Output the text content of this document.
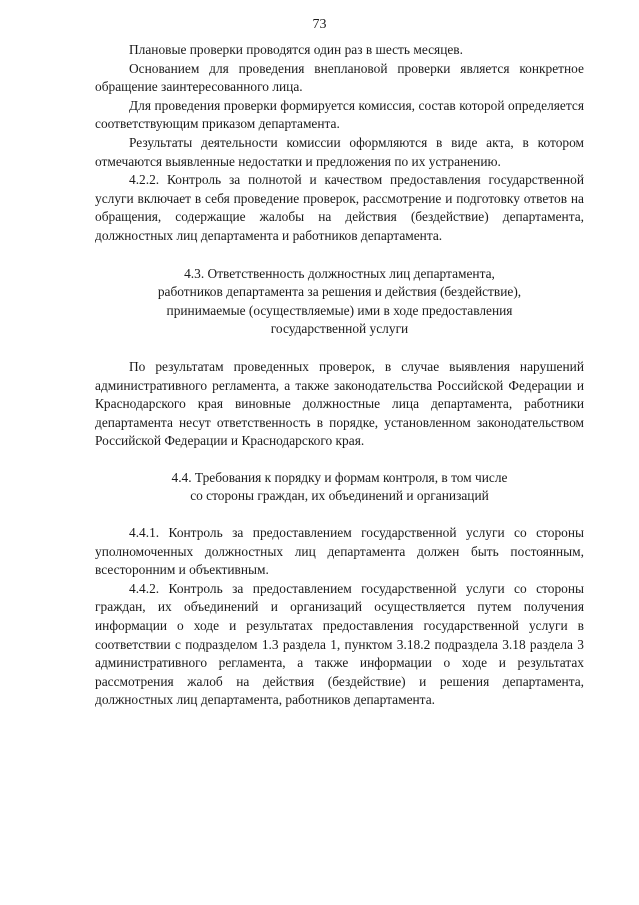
73

Плановые проверки проводятся один раз в шесть месяцев.

Основанием для проведения внеплановой проверки является конкретное обращение заинтересованного лица.

Для проведения проверки формируется комиссия, состав которой определяется соответствующим приказом департамента.

Результаты деятельности комиссии оформляются в виде акта, в котором отмечаются выявленные недостатки и предложения по их устранению.

4.2.2. Контроль за полнотой и качеством предоставления государственной услуги включает в себя проведение проверок, рассмотрение и подготовку ответов на обращения, содержащие жалобы на действия (бездействие) департамента, должностных лиц департамента и работников департамента.

4.3. Ответственность должностных лиц департамента,
работников департамента за решения и действия (бездействие),
принимаемые (осуществляемые) ими в ходе предоставления
государственной услуги

По результатам проведенных проверок, в случае выявления нарушений административного регламента, а также законодательства Российской Федерации и Краснодарского края виновные должностные лица департамента, работники департамента несут ответственность в порядке, установленном законодательством Российской Федерации и Краснодарского края.

4.4. Требования к порядку и формам контроля, в том числе
со стороны граждан, их объединений и организаций

4.4.1. Контроль за предоставлением государственной услуги со стороны уполномоченных должностных лиц департамента должен быть постоянным, всесторонним и объективным.

4.4.2. Контроль за предоставлением государственной услуги со стороны граждан, их объединений и организаций осуществляется путем получения информации о ходе и результатах предоставления государственной услуги в соответствии с подразделом 1.3 раздела 1, пунктом 3.18.2 подраздела 3.18 раздела 3 административного регламента, а также информации о ходе и результатах рассмотрения жалоб на действия (бездействие) и решения департамента, должностных лиц департамента, работников департамента.
